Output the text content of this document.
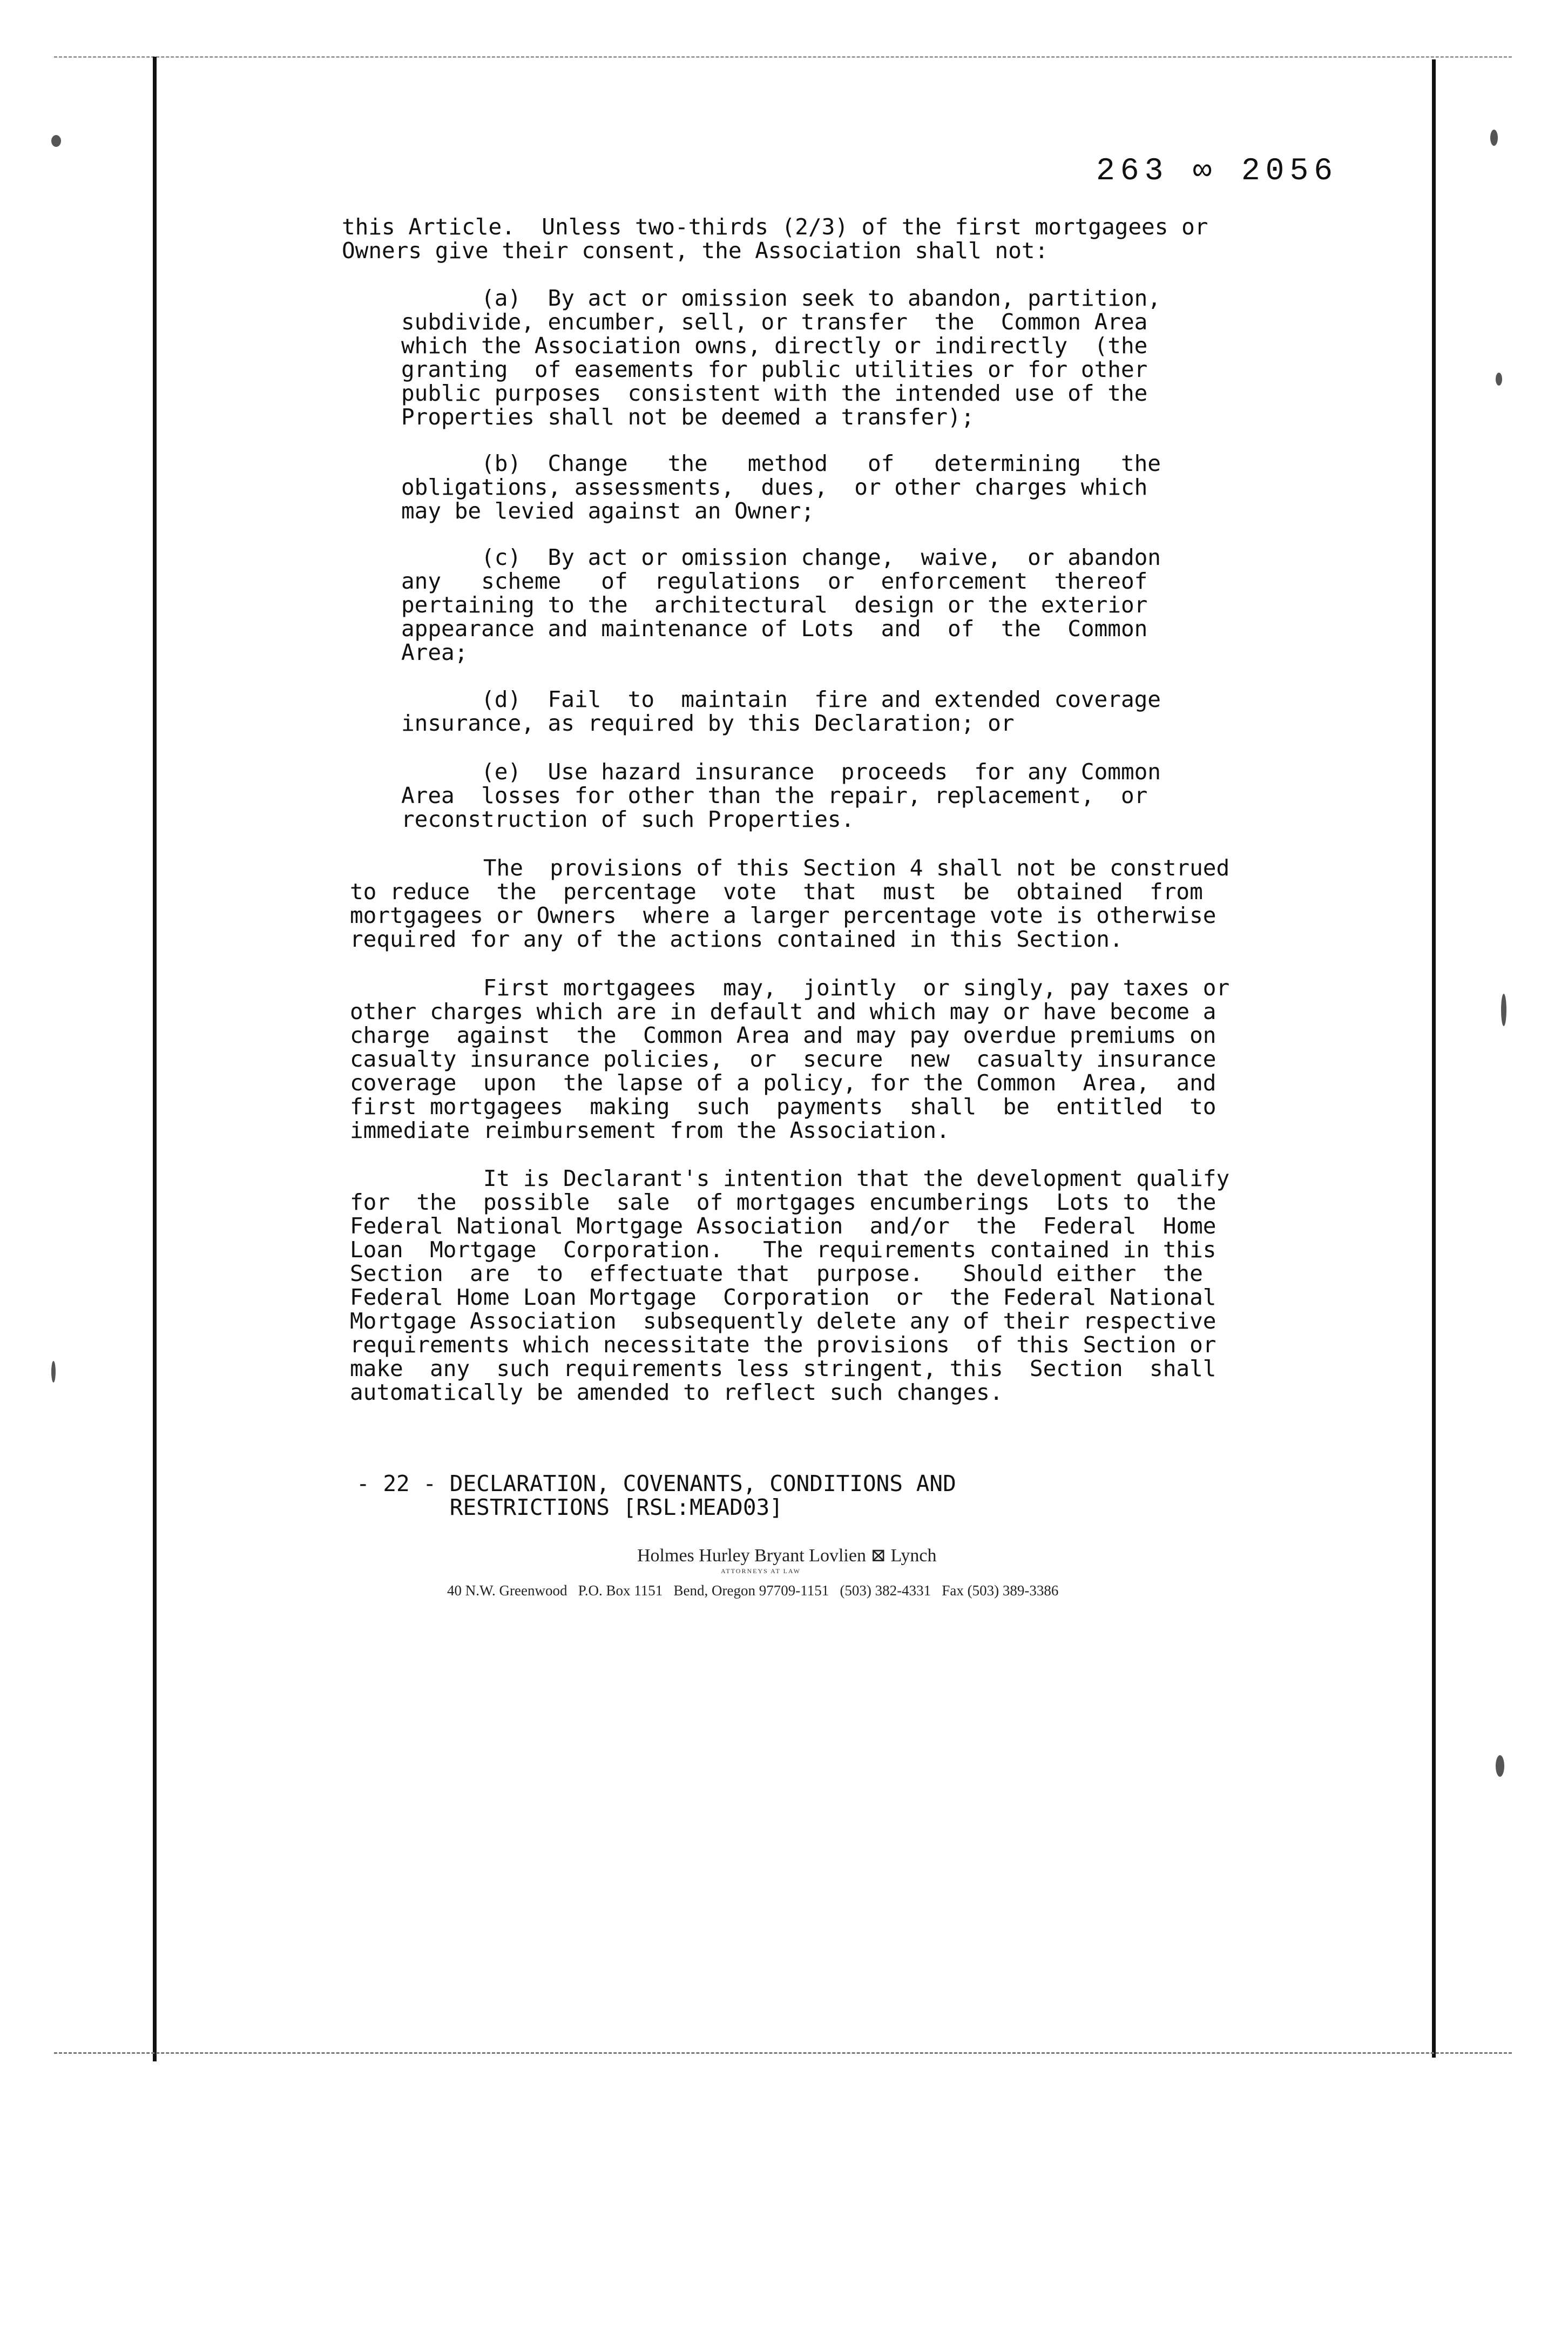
263 ∞ 2056
this Article.  Unless two-thirds (2/3) of the first mortgagees or
Owners give their consent, the Association shall not:
(a)  By act or omission seek to abandon, partition,
subdivide, encumber, sell, or transfer  the  Common Area
which the Association owns, directly or indirectly  (the
granting  of easements for public utilities or for other
public purposes  consistent with the intended use of the
Properties shall not be deemed a transfer);
(b)  Change   the   method   of   determining   the
obligations, assessments,  dues,  or other charges which
may be levied against an Owner;
(c)  By act or omission change,  waive,  or abandon
any   scheme   of  regulations  or  enforcement  thereof
pertaining to the  architectural  design or the exterior
appearance and maintenance of Lots  and  of  the  Common
Area;
(d)  Fail  to  maintain  fire and extended coverage
insurance, as required by this Declaration; or
(e)  Use hazard insurance  proceeds  for any Common
Area  losses for other than the repair, replacement,  or
reconstruction of such Properties.
The  provisions of this Section 4 shall not be construed
to reduce  the  percentage  vote  that  must  be  obtained  from
mortgagees or Owners  where a larger percentage vote is otherwise
required for any of the actions contained in this Section.
First mortgagees  may,  jointly  or singly, pay taxes or
other charges which are in default and which may or have become a
charge  against  the  Common Area and may pay overdue premiums on
casualty insurance policies,  or  secure  new  casualty insurance
coverage  upon  the lapse of a policy, for the Common  Area,  and
first mortgagees  making  such  payments  shall  be  entitled  to
immediate reimbursement from the Association.
It is Declarant's intention that the development qualify
for  the  possible  sale  of mortgages encumberings  Lots to  the
Federal National Mortgage Association  and/or  the  Federal  Home
Loan  Mortgage  Corporation.   The requirements contained in this
Section  are  to  effectuate that  purpose.   Should either  the
Federal Home Loan Mortgage  Corporation  or  the Federal National
Mortgage Association  subsequently delete any of their respective
requirements which necessitate the provisions  of this Section or
make  any  such requirements less stringent, this  Section  shall
automatically be amended to reflect such changes.
- 22 - DECLARATION, COVENANTS, CONDITIONS AND
RESTRICTIONS [RSL:MEAD03]
Holmes Hurley Bryant Lovlien ⊠ Lynch
ATTORNEYS AT LAW
40 N.W. Greenwood   P.O. Box 1151   Bend, Oregon 97709-1151   (503) 382-4331   Fax (503) 389-3386
